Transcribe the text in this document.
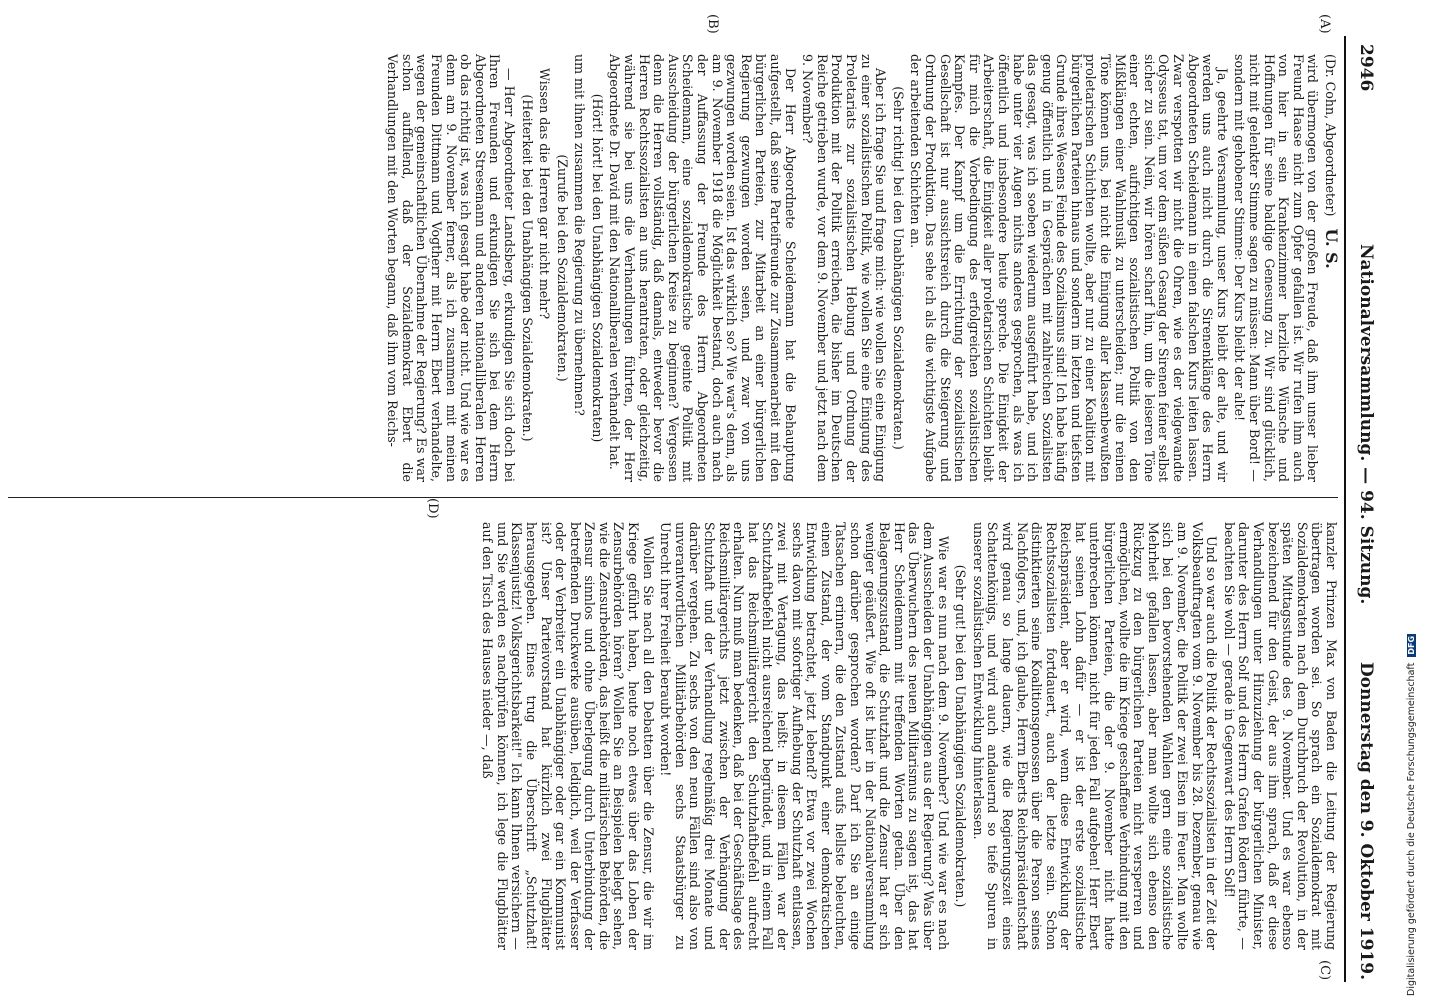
2946
Nationalversammlung. — 94. Sitzung.
Donnerstag den 9. Oktober 1919.
(A)
(B)
(C)
(D)

(Dr. Cohn, Abgeordneter) U. S.

wird übermogen von der großen Freude, daß ihm unser lieber Freund Haase nicht zum Opfer gefallen ist. Wir rufen ihm auch von hier in sein Krankenzimmer herzliche Wünsche und Hoffnungen für seine baldige Genesung zu. Wir sind glücklich, nicht mit gelenkter Stimme sagen zu müssen: Mann über Bord! — sondern mit gehobener Stimme: Der Kurs bleibt der alte!

Ja, geehrte Versammlung, unser Kurs bleibt der alte, und wir werden uns auch nicht durch die Sirenenklänge des Herrn Abgeordneten Scheidemann in einen falschen Kurs leiten lassen. Zwar verspotten wir nicht die Ohren, wie es der vielgewandte Odysseus tat, um vor dem süßen Gesang der Sirenen feiner selbst sicher zu sein. Nein, wir hören scharf hin, um die leiseren Töne einer echten, aufrichtigen sozialistischen Politik von den Mißklängen einer Wahlmusik zu unterscheiden; nur die reinen Töne können uns, bei nicht die Einigung aller klassenbewußten proletarischen Schichten wollte, aber nur zu einer Koalition mit bürgerlichen Parteien hinaus und sondern im letzten und tiefsten Grunde ihres Wesens Feinde des Sozialismus sind! Ich habe häufig genug öffentlich und in Gesprächen mit zahlreichen Sozialisten das gesagt, was ich soeben wiederum ausgeführt habe, und ich habe unter vier Augen nichts anderes gesprochen, als was ich öffentlich und insbesondere heute spreche. Die Einigkeit der Arbeiterschaft, die Einigkeit aller proletarischen Schichten bleibt für mich die Vorbedingung des erfolgreichen sozialistischen Kampfes. Der Kampf um die Errichtung der sozialistischen Gesellschaft ist nur aussichtsreich durch die Steigerung und Ordnung der Produktion. Das sehe ich als die wichtigste Aufgabe der arbeitenden Schichten an.

(Sehr richtig! bei den Unabhängigen Sozialdemokraten.)

Aber ich frage Sie und frage mich: wie wollen Sie eine Einigung zu einer sozialistischen Politik, wie wollen Sie eine Einigung des Proletariats zur sozialistischen Hebung und Ordnung der Produktion mit der Politik erreichen, die bisher im Deutschen Reiche getrieben wurde, vor dem 9. November und jetzt nach dem 9. November?

Der Herr Abgeordnete Scheidemann hat die Behauptung aufgestellt, daß seine Parteifreunde zur Zusammenarbeit mit den bürgerlichen Parteien, zur Mitarbeit an einer bürgerlichen Regierung gezwungen worden seien, und zwar von uns gezwungen worden seien. Ist das wirklich so? Wie war's denn, als am 9. November 1918 die Möglichkeit bestand, doch auch nach der Auffassung der Freunde des Herrn Abgeordneten Scheidemann, eine sozialdemokratische geeinte Politik mit Ausscheidung der bürgerlichen Kreise zu beginnen? Vergessen denn die Herren vollständig, daß damals, entweder bevor die Herren Rechtssozialisten an uns herantraten, oder gleichzeitig, während sie bei uns die Verhandlungen führten, der Herr Abgeordnete Dr. David mit den Nationalliberalen verhandelt hat.

(Hört! hört! bei den Unabhängigen Sozialdemokraten)

um mit ihnen zusammen die Regierung zu übernehmen?

(Zurufe bei den Sozialdemokraten.)

Wissen das die Herren gar nicht mehr?

(Heiterkeit bei den Unabhängigen Sozialdemokraten.)

— Herr Abgeordneter Landsberg, erkundigen Sie sich doch bei Ihren Freunden und erkundigen Sie sich bei dem Herrn Abgeordneten Stresemann und anderen nationalliberalen Herren ob das richtig ist, was ich gesagt habe oder nicht. Und wie war es denn am 9. November ferner, als ich zusammen mit meinen Freunden Dittmann und Vogtherr mit Herrn Ebert verhandelte, wegen der gemeinschaftlichen Übernahme der Regierung? Es war schon auffallend, daß der Sozialdemokrat Ebert die Verhandlungen mit den Worten begann, daß ihm vom Reichs-

kanzler Prinzen Max von Baden die Leitung der Regierung übertragen worden sei. So sprach ein Sozialdemokrat mit Sozialdemokraten nach dem Durchbruch der Revolution, in der späten Mittagsstunde des 9. November. Und es war ebenso bezeichnend für den Geist, der aus ihm sprach, daß er diese Verhandlungen unter Hinzuziehung der bürgerlichen Minister, darunter des Herrn Solf und des Herrn Grafen Rödern führte, — beachten Sie wohl — gerade in Gegenwart des Herrn Solf!

Und so war auch die Politik der Rechtssozialisten in der Zeit der Volksbeauftragten vom 9. November bis 28. Dezember, genau wie am 9. November, die Politik der zwei Eisen im Feuer. Man wollte sich bei den bevorstehenden Wahlen gern eine sozialistische Mehrheit gefallen lassen, aber man wollte sich ebenso den Rückzug zu den bürgerlichen Parteien nicht versperren und ermöglichen, wollte die im Kriege geschaffene Verbindung mit den bürgerlichen Parteien, die der 9. November nicht hatte unterbrechen können, nicht für jeden Fall aufgeben! Herr Ebert hat seinen Lohn dafür — er ist der erste sozialistische Reichspräsident, aber er wird, wenn diese Entwicklung der Rechtssozialisten fortdauert, auch der letzte sein. Schon distinktierten seine Koalitionsgenossen über die Person seines Nachfolgers, und, ich glaube, Herrn Eberts Reichspräsidentschaft wird genau so lange dauern, wie die Regierungszeit eines Schattenkönigs, und wird auch andauernd so tiefe Spuren in unserer sozialistischen Entwicklung hinterlassen.

(Sehr gut! bei den Unabhängigen Sozialdemokraten.)

Wie war es nun nach dem 9. November? Und wie war es nach dem Ausscheiden der Unabhängigen aus der Regierung? Was über das Überwuchern des neuen Militarismus zu sagen ist, das hat Herr Scheidemann mit treffenden Worten getan. Über den Belagerungszustand, die Schutzhaft und die Zensur hat er sich weniger geäußert. Wie oft ist hier in der Nationalversammlung schon darüber gesprochen worden? Darf ich Sie an einige Tatsachen erinnern, die den Zustand aufs hellste beleuchten, einen Zustand, der vom Standpunkt einer demokratischen Entwicklung betrachtet, jetzt lebend? Etwa vor zwei Wochen sechs davon mit sofortiger Aufhebung der Schutzhaft entlassen, zwei mit Vertagung, das heißt: in diesem Fällen war der Schutzhaftbefehl nicht ausreichend begründet, und in einem Fall hat das Reichsmilitärgericht den Schutzhaftbefehl aufrecht erhalten. Nun muß man bedenken, daß bei der Geschäftslage des Reichsmilitärgerichts jetzt zwischen der Verhängung der Schutzhaft und der Verhandlung regelmäßig drei Monate und darüber vergehen. Zu sechs von den neun Fällen sind also von unverantwortlichen Militärbehörden sechs Staatsbürger zu Unrecht ihrer Freiheit beraubt worden!

Wollen Sie nach all den Debatten über die Zensur, die wir im Kriege geführt haben, heute noch etwas über das Loben der Zensurbehörden hören? Wollen Sie an Beispielen belegt sehen, wie die Zensurbehörden, das heißt die militärischen Behörden, die Zensur sinnlos und ohne Überlegung durch Unterbindung der betreffenden Druckwerke ausüben, lediglich, weil der Verfasser oder der Verbreiter ein Unabhängiger oder gar ein Kommunist ist? Unser Parteivorstand hat kürzlich zwei Flugblätter herausgegeben. Eines trug die Überschrift „Schutzhaft! Klassenjustiz! Volksgerichtsbarkeit!" Ich kann Ihnen versichern — und Sie werden es nachprüfen können, ich lege die Flugblätter auf den Tisch des Hauses nieder —, daß

Digitalisierung gefördert durch die Deutsche Forschungsgemeinschaft DFG
